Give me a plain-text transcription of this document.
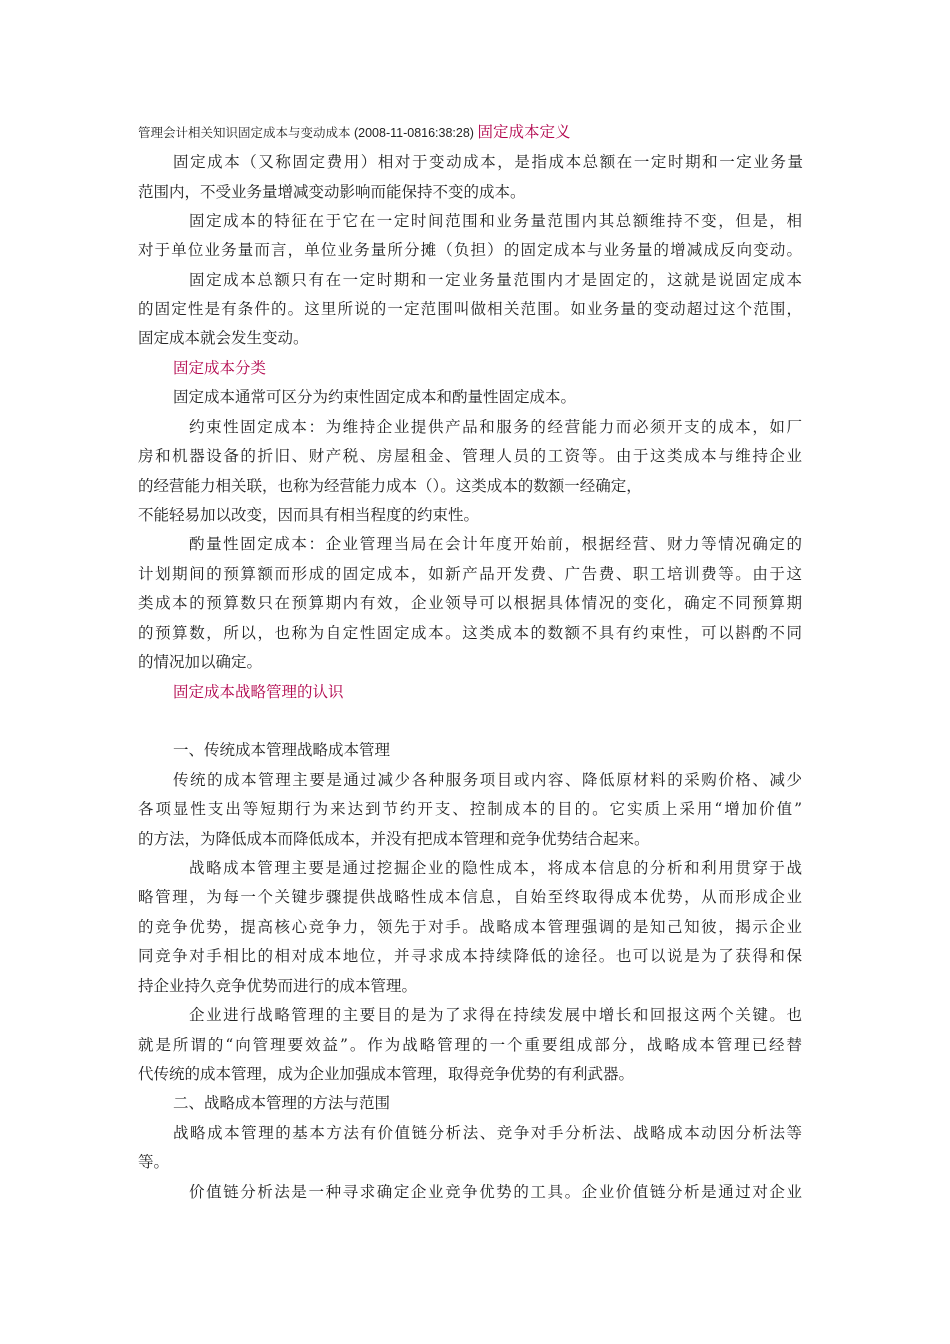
管理会计相关知识固定成本与变动成本 (2008-11-0816:38:28) 固定成本定义
固定成本（又称固定费用）相对于变动成本，是指成本总额在一定时期和一定业务量
范围内，不受业务量增减变动影响而能保持不变的成本。
固定成本的特征在于它在一定时间范围和业务量范围内其总额维持不变，但是，相
对于单位业务量而言，单位业务量所分摊（负担）的固定成本与业务量的增减成反向变动。
固定成本总额只有在一定时期和一定业务量范围内才是固定的，这就是说固定成本
的固定性是有条件的。这里所说的一定范围叫做相关范围。如业务量的变动超过这个范围，
固定成本就会发生变动。
固定成本分类
固定成本通常可区分为约束性固定成本和酌量性固定成本。
约束性固定成本：为维持企业提供产品和服务的经营能力而必须开支的成本，如厂
房和机器设备的折旧、财产税、房屋租金、管理人员的工资等。由于这类成本与维持企业
的经营能力相关联，也称为经营能力成本（）。这类成本的数额一经确定，
不能轻易加以改变，因而具有相当程度的约束性。
酌量性固定成本：企业管理当局在会计年度开始前，根据经营、财力等情况确定的
计划期间的预算额而形成的固定成本，如新产品开发费、广告费、职工培训费等。由于这
类成本的预算数只在预算期内有效，企业领导可以根据具体情况的变化，确定不同预算期
的预算数，所以，也称为自定性固定成本。这类成本的数额不具有约束性，可以斟酌不同
的情况加以确定。
固定成本战略管理的认识
一、传统成本管理战略成本管理
传统的成本管理主要是通过减少各种服务项目或内容、降低原材料的采购价格、减少
各项显性支出等短期行为来达到节约开支、控制成本的目的。它实质上采用“增加价值”
的方法，为降低成本而降低成本，并没有把成本管理和竞争优势结合起来。
战略成本管理主要是通过挖掘企业的隐性成本，将成本信息的分析和利用贯穿于战
略管理，为每一个关键步骤提供战略性成本信息，自始至终取得成本优势，从而形成企业
的竞争优势，提高核心竞争力，领先于对手。战略成本管理强调的是知己知彼，揭示企业
同竞争对手相比的相对成本地位，并寻求成本持续降低的途径。也可以说是为了获得和保
持企业持久竞争优势而进行的成本管理。
企业进行战略管理的主要目的是为了求得在持续发展中增长和回报这两个关键。也
就是所谓的“向管理要效益”。作为战略管理的一个重要组成部分，战略成本管理已经替
代传统的成本管理，成为企业加强成本管理，取得竞争优势的有利武器。
二、战略成本管理的方法与范围
战略成本管理的基本方法有价值链分析法、竞争对手分析法、战略成本动因分析法等
等。
价值链分析法是一种寻求确定企业竞争优势的工具。企业价值链分析是通过对企业
